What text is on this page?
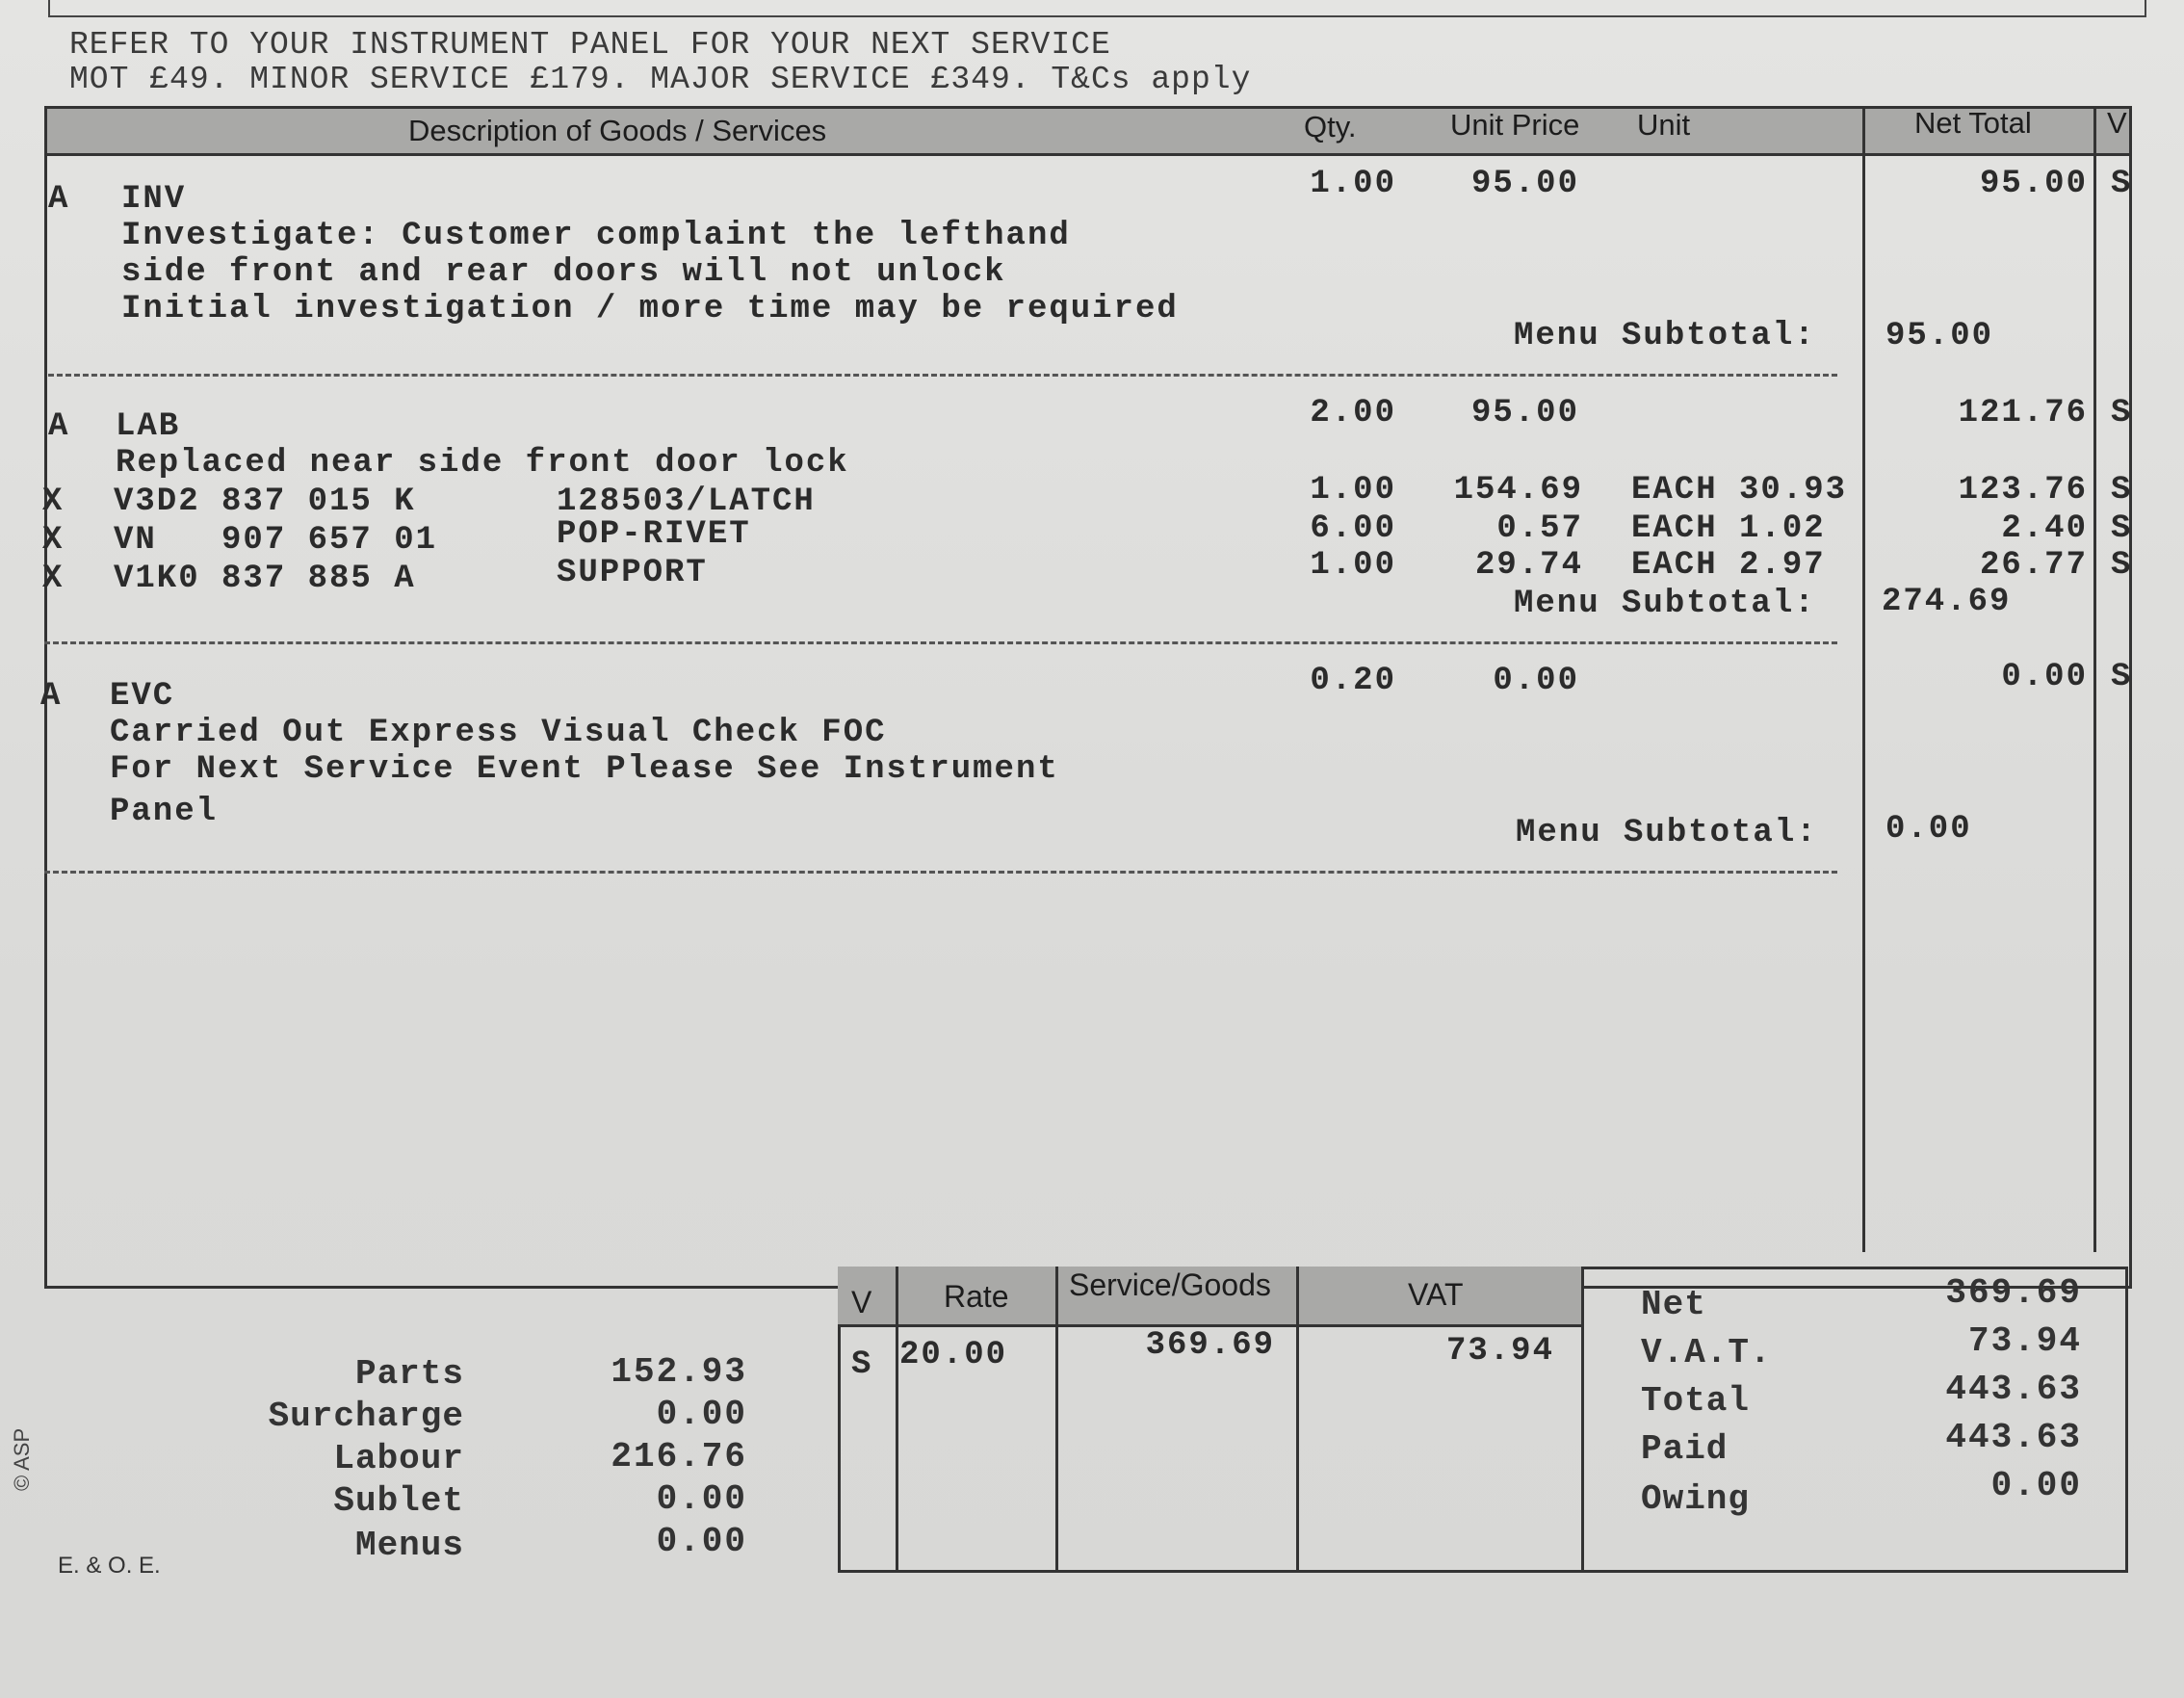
REFER TO YOUR INSTRUMENT PANEL FOR YOUR NEXT SERVICE
MOT £49. MINOR SERVICE £179. MAJOR SERVICE £349. T&Cs apply
Description of Goods / Services	Qty.	Unit Price Unit	Net Total	V
A INV
Investigate: Customer complaint the lefthand
side front and rear doors will not unlock
Initial investigation / more time may be required
1.00	95.00	95.00 S
Menu Subtotal: 95.00
A LAB
Replaced near side front door lock
2.00	95.00	121.76 S
X V3D2 837 015 K	128503/LATCH	1.00	154.69 EACH 30.93	123.76 S
X VN   907 657 01	POP-RIVET	6.00	0.57 EACH 1.02	2.40 S
X V1K0 837 885 A	SUPPORT	1.00	29.74 EACH 2.97	26.77 S
Menu Subtotal: 274.69
A EVC
Carried Out Express Visual Check FOC
For Next Service Event Please See Instrument
Panel
0.20	0.00	0.00 S
Menu Subtotal: 0.00
Parts	152.93
Surcharge	0.00
Labour	216.76
Sublet	0.00
Menus	0.00
V Rate Service/Goods	VAT
S 20.00	369.69	73.94
Net	369.69
V.A.T.	73.94
Total	443.63
Paid	443.63
Owing	0.00
© ASP
E. & O. E.
